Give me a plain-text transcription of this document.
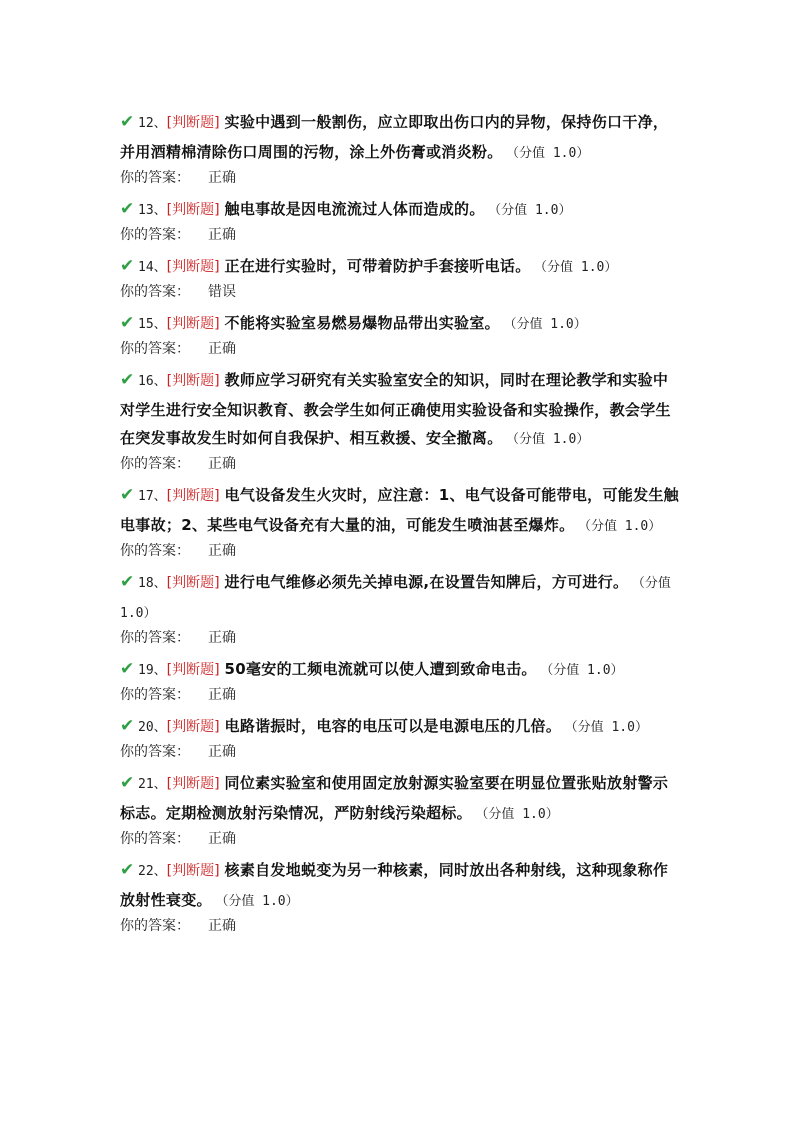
✔ 12、[判断题] 实验中遇到一般割伤，应立即取出伤口内的异物，保持伤口干净，并用酒精棉清除伤口周围的污物，涂上外伤膏或消炎粉。 （分值 1.0）
你的答案： 正确
✔ 13、[判断题] 触电事故是因电流流过人体而造成的。 （分值 1.0）
你的答案： 正确
✔ 14、[判断题] 正在进行实验时，可带着防护手套接听电话。 （分值 1.0）
你的答案： 错误
✔ 15、[判断题] 不能将实验室易燃易爆物品带出实验室。 （分值 1.0）
你的答案： 正确
✔ 16、[判断题] 教师应学习研究有关实验室安全的知识，同时在理论教学和实验中对学生进行安全知识教育、教会学生如何正确使用实验设备和实验操作，教会学生在突发事故发生时如何自我保护、相互救援、安全撤离。 （分值 1.0）
你的答案： 正确
✔ 17、[判断题] 电气设备发生火灾时，应注意：1、电气设备可能带电，可能发生触电事故；2、某些电气设备充有大量的油，可能发生喷油甚至爆炸。 （分值 1.0）
你的答案： 正确
✔ 18、[判断题] 进行电气维修必须先关掉电源,在设置告知牌后，方可进行。 （分值 1.0）
你的答案： 正确
✔ 19、[判断题] 50毫安的工频电流就可以使人遭到致命电击。 （分值 1.0）
你的答案： 正确
✔ 20、[判断题] 电路谐振时，电容的电压可以是电源电压的几倍。 （分值 1.0）
你的答案： 正确
✔ 21、[判断题] 同位素实验室和使用固定放射源实验室要在明显位置张贴放射警示标志。定期检测放射污染情况，严防射线污染超标。 （分值 1.0）
你的答案： 正确
✔ 22、[判断题] 核素自发地蜕变为另一种核素，同时放出各种射线，这种现象称作放射性衰变。 （分值 1.0）
你的答案： 正确
